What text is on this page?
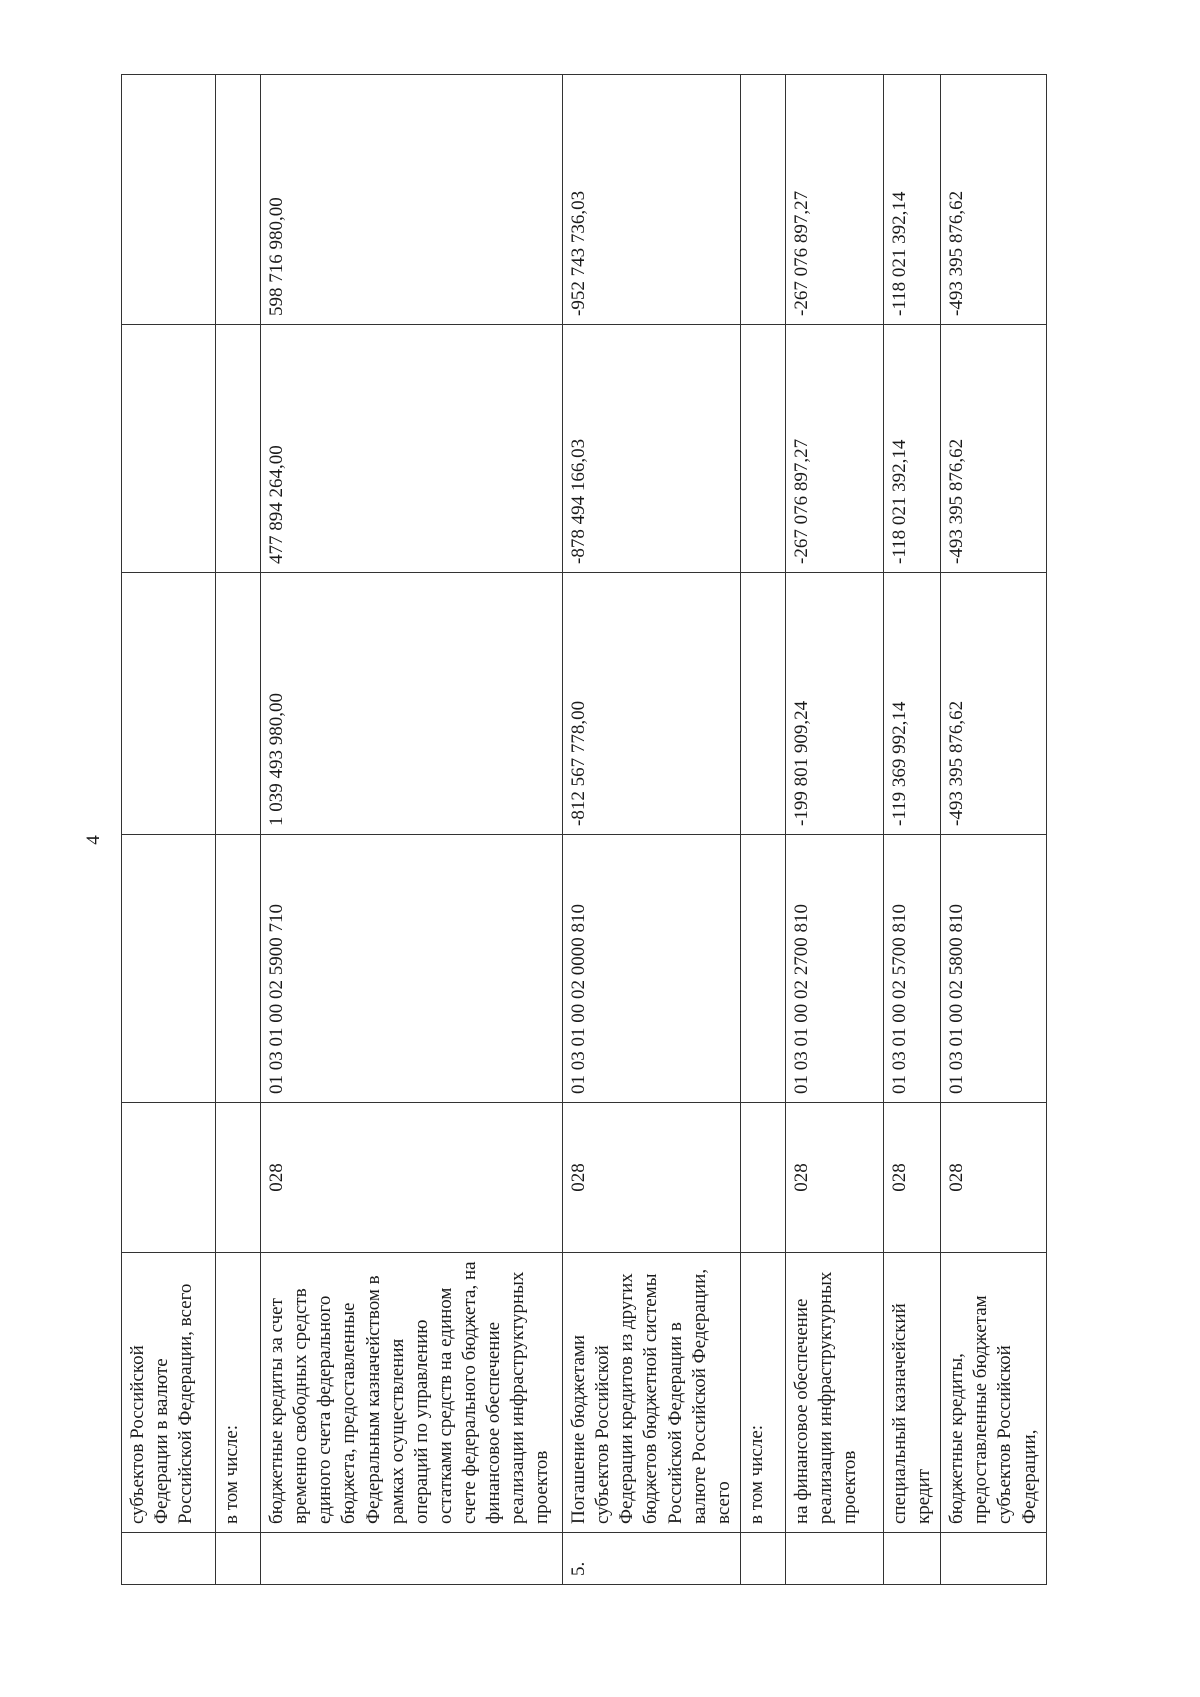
4
	субъектов Российской Федерации в валюте Российской Федерации, всего					
	в том числе:					
	бюджетные кредиты за счет временно свободных средств единого счета федерального бюджета, предоставленные Федеральным казначейством в рамках осуществления операций по управлению остатками средств на едином счете федерального бюджета, на финансовое обеспечение реализации инфраструктурных проектов	028	01 03 01 00 02 5900 710	1 039 493 980,00	477 894 264,00	598 716 980,00
5.	Погашение бюджетами субъектов Российской Федерации кредитов из других бюджетов бюджетной системы Российской Федерации в валюте Российской Федерации, всего	028	01 03 01 00 02 0000 810	-812 567 778,00	-878 494 166,03	-952 743 736,03
	в том числе:					
	на финансовое обеспечение реализации инфраструктурных проектов	028	01 03 01 00 02 2700 810	-199 801 909,24	-267 076 897,27	-267 076 897,27
	специальный казначейский кредит	028	01 03 01 00 02 5700 810	-119 369 992,14	-118 021 392,14	-118 021 392,14
	бюджетные кредиты, предоставленные бюджетам субъектов Российской Федерации,	028	01 03 01 00 02 5800 810	-493 395 876,62	-493 395 876,62	-493 395 876,62
